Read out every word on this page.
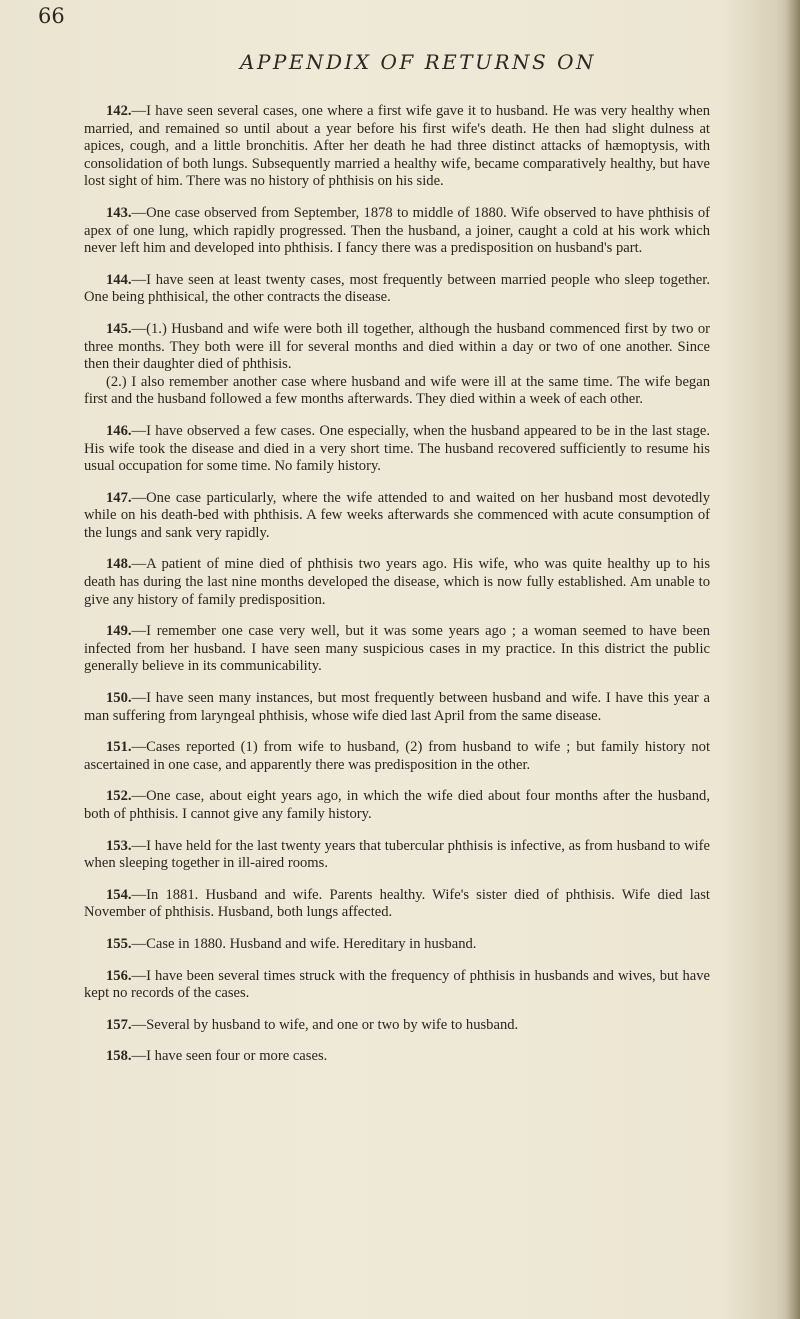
66
APPENDIX OF RETURNS ON

142.—I have seen several cases, one where a first wife gave it to husband. He was very healthy when married, and remained so until about a year before his first wife's death. He then had slight dulness at apices, cough, and a little bronchitis. After her death he had three distinct attacks of hæmoptysis, with consolidation of both lungs. Subsequently married a healthy wife, became comparatively healthy, but have lost sight of him. There was no history of phthisis on his side.

143.—One case observed from September, 1878 to middle of 1880. Wife observed to have phthisis of apex of one lung, which rapidly progressed. Then the husband, a joiner, caught a cold at his work which never left him and developed into phthisis. I fancy there was a predisposition on husband's part.

144.—I have seen at least twenty cases, most frequently between married people who sleep together. One being phthisical, the other contracts the disease.

145.—(1.) Husband and wife were both ill together, although the husband commenced first by two or three months. They both were ill for several months and died within a day or two of one another. Since then their daughter died of phthisis.

(2.) I also remember another case where husband and wife were ill at the same time. The wife began first and the husband followed a few months afterwards. They died within a week of each other.

146.—I have observed a few cases. One especially, when the husband appeared to be in the last stage. His wife took the disease and died in a very short time. The husband recovered sufficiently to resume his usual occupation for some time. No family history.

147.—One case particularly, where the wife attended to and waited on her husband most devotedly while on his death-bed with phthisis. A few weeks afterwards she commenced with acute consumption of the lungs and sank very rapidly.

148.—A patient of mine died of phthisis two years ago. His wife, who was quite healthy up to his death has during the last nine months developed the disease, which is now fully established. Am unable to give any history of family predisposition.

149.—I remember one case very well, but it was some years ago ; a woman seemed to have been infected from her husband. I have seen many suspicious cases in my practice. In this district the public generally believe in its communicability.

150.—I have seen many instances, but most frequently between husband and wife. I have this year a man suffering from laryngeal phthisis, whose wife died last April from the same disease.

151.—Cases reported (1) from wife to husband, (2) from husband to wife ; but family history not ascertained in one case, and apparently there was predisposition in the other.

152.—One case, about eight years ago, in which the wife died about four months after the husband, both of phthisis. I cannot give any family history.

153.—I have held for the last twenty years that tubercular phthisis is infective, as from husband to wife when sleeping together in ill-aired rooms.

154.—In 1881. Husband and wife. Parents healthy. Wife's sister died of phthisis. Wife died last November of phthisis. Husband, both lungs affected.

155.—Case in 1880. Husband and wife. Hereditary in husband.

156.—I have been several times struck with the frequency of phthisis in husbands and wives, but have kept no records of the cases.

157.—Several by husband to wife, and one or two by wife to husband.

158.—I have seen four or more cases.
